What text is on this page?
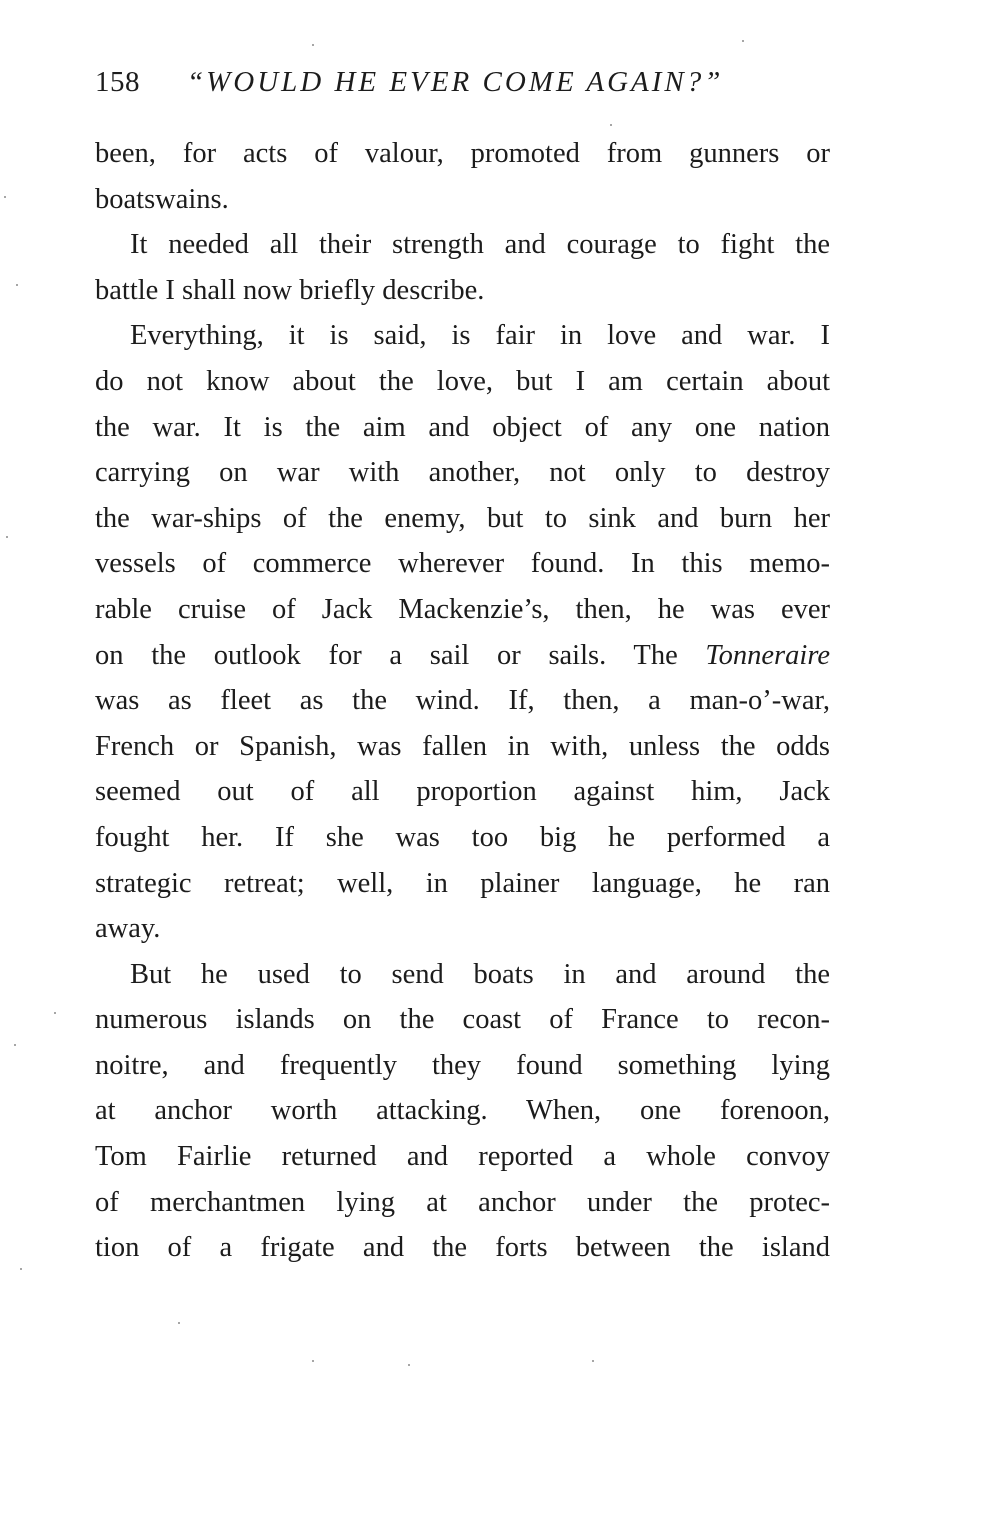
158 “WOULD HE EVER COME AGAIN?”
been, for acts of valour, promoted from gunners or
boatswains.
It needed all their strength and courage to fight the
battle I shall now briefly describe.
Everything, it is said, is fair in love and war. I
do not know about the love, but I am certain about
the war. It is the aim and object of any one nation
carrying on war with another, not only to destroy
the war-ships of the enemy, but to sink and burn her
vessels of commerce wherever found. In this memo-
rable cruise of Jack Mackenzie’s, then, he was ever
on the outlook for a sail or sails. The Tonneraire
was as fleet as the wind. If, then, a man-o’-war,
French or Spanish, was fallen in with, unless the odds
seemed out of all proportion against him, Jack
fought her. If she was too big he performed a
strategic retreat; well, in plainer language, he ran
away.
But he used to send boats in and around the
numerous islands on the coast of France to recon-
noitre, and frequently they found something lying
at anchor worth attacking. When, one forenoon,
Tom Fairlie returned and reported a whole convoy
of merchantmen lying at anchor under the protec-
tion of a frigate and the forts between the island
